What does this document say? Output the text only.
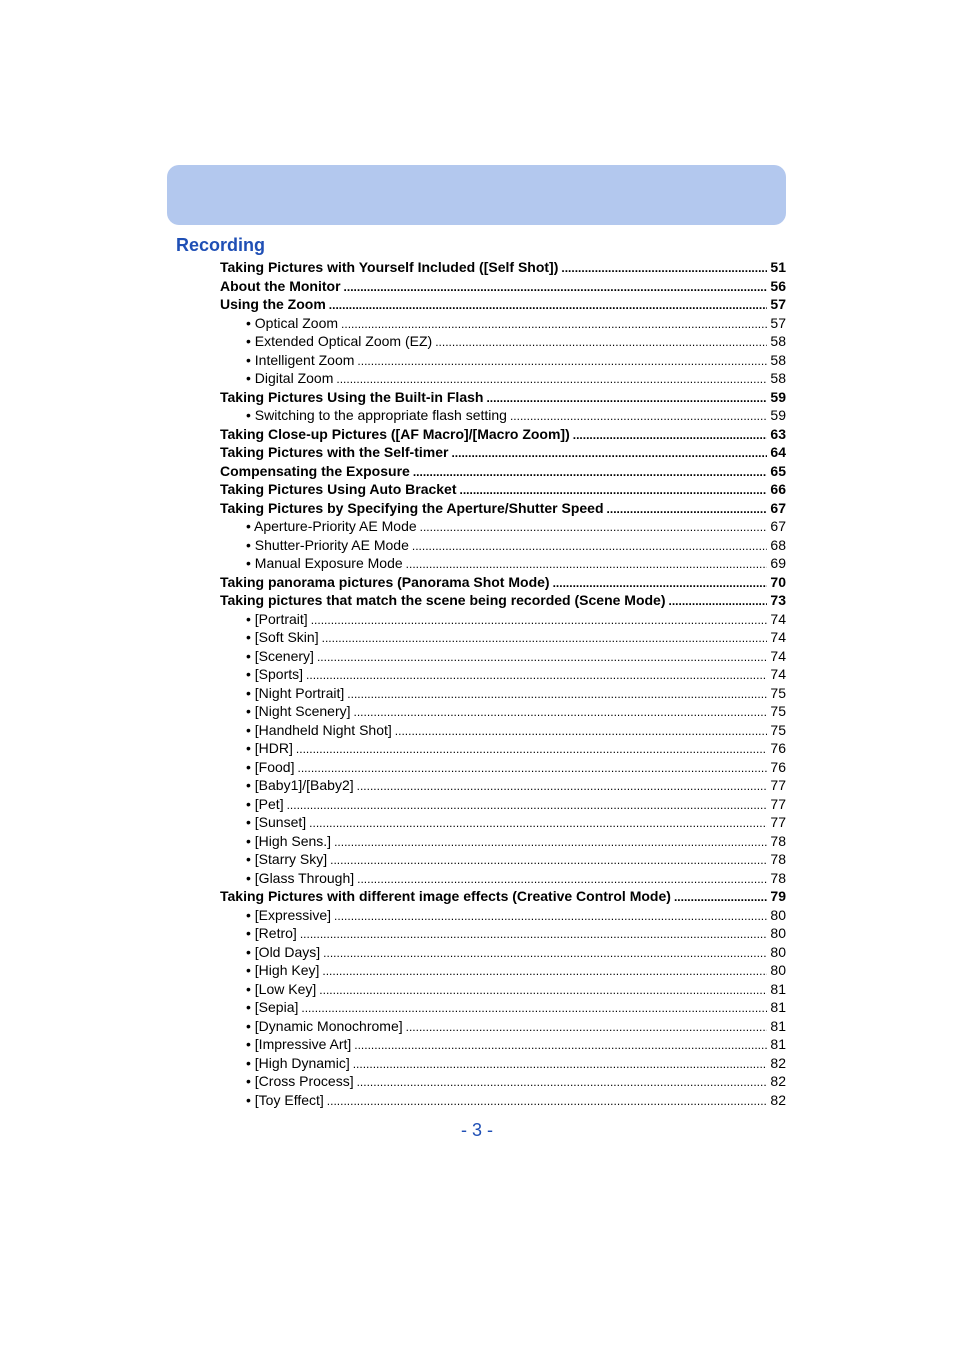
Recording
Taking Pictures with Yourself Included ([Self Shot]) .....	51
About the Monitor .....	56
Using the Zoom .....	57
• Optical Zoom .....	57
• Extended Optical Zoom (EZ) .....	58
• Intelligent Zoom .....	58
• Digital Zoom .....	58
Taking Pictures Using the Built-in Flash .....	59
• Switching to the appropriate flash setting .....	59
Taking Close-up Pictures ([AF Macro]/[Macro Zoom]) .....	63
Taking Pictures with the Self-timer .....	64
Compensating the Exposure .....	65
Taking Pictures Using Auto Bracket .....	66
Taking Pictures by Specifying the Aperture/Shutter Speed .....	67
• Aperture-Priority AE Mode .....	67
• Shutter-Priority AE Mode .....	68
• Manual Exposure Mode .....	69
Taking panorama pictures (Panorama Shot Mode) .....	70
Taking pictures that match the scene being recorded (Scene Mode) .....	73
• [Portrait] .....	74
• [Soft Skin] .....	74
• [Scenery] .....	74
• [Sports] .....	74
• [Night Portrait] .....	75
• [Night Scenery] .....	75
• [Handheld Night Shot] .....	75
• [HDR] .....	76
• [Food] .....	76
• [Baby1]/[Baby2] .....	77
• [Pet] .....	77
• [Sunset] .....	77
• [High Sens.] .....	78
• [Starry Sky] .....	78
• [Glass Through] .....	78
Taking Pictures with different image effects (Creative Control Mode) .....	79
• [Expressive] .....	80
• [Retro] .....	80
• [Old Days] .....	80
• [High Key] .....	80
• [Low Key] .....	81
• [Sepia] .....	81
• [Dynamic Monochrome] .....	81
• [Impressive Art] .....	81
• [High Dynamic] .....	82
• [Cross Process] .....	82
• [Toy Effect] .....	82
- 3 -
